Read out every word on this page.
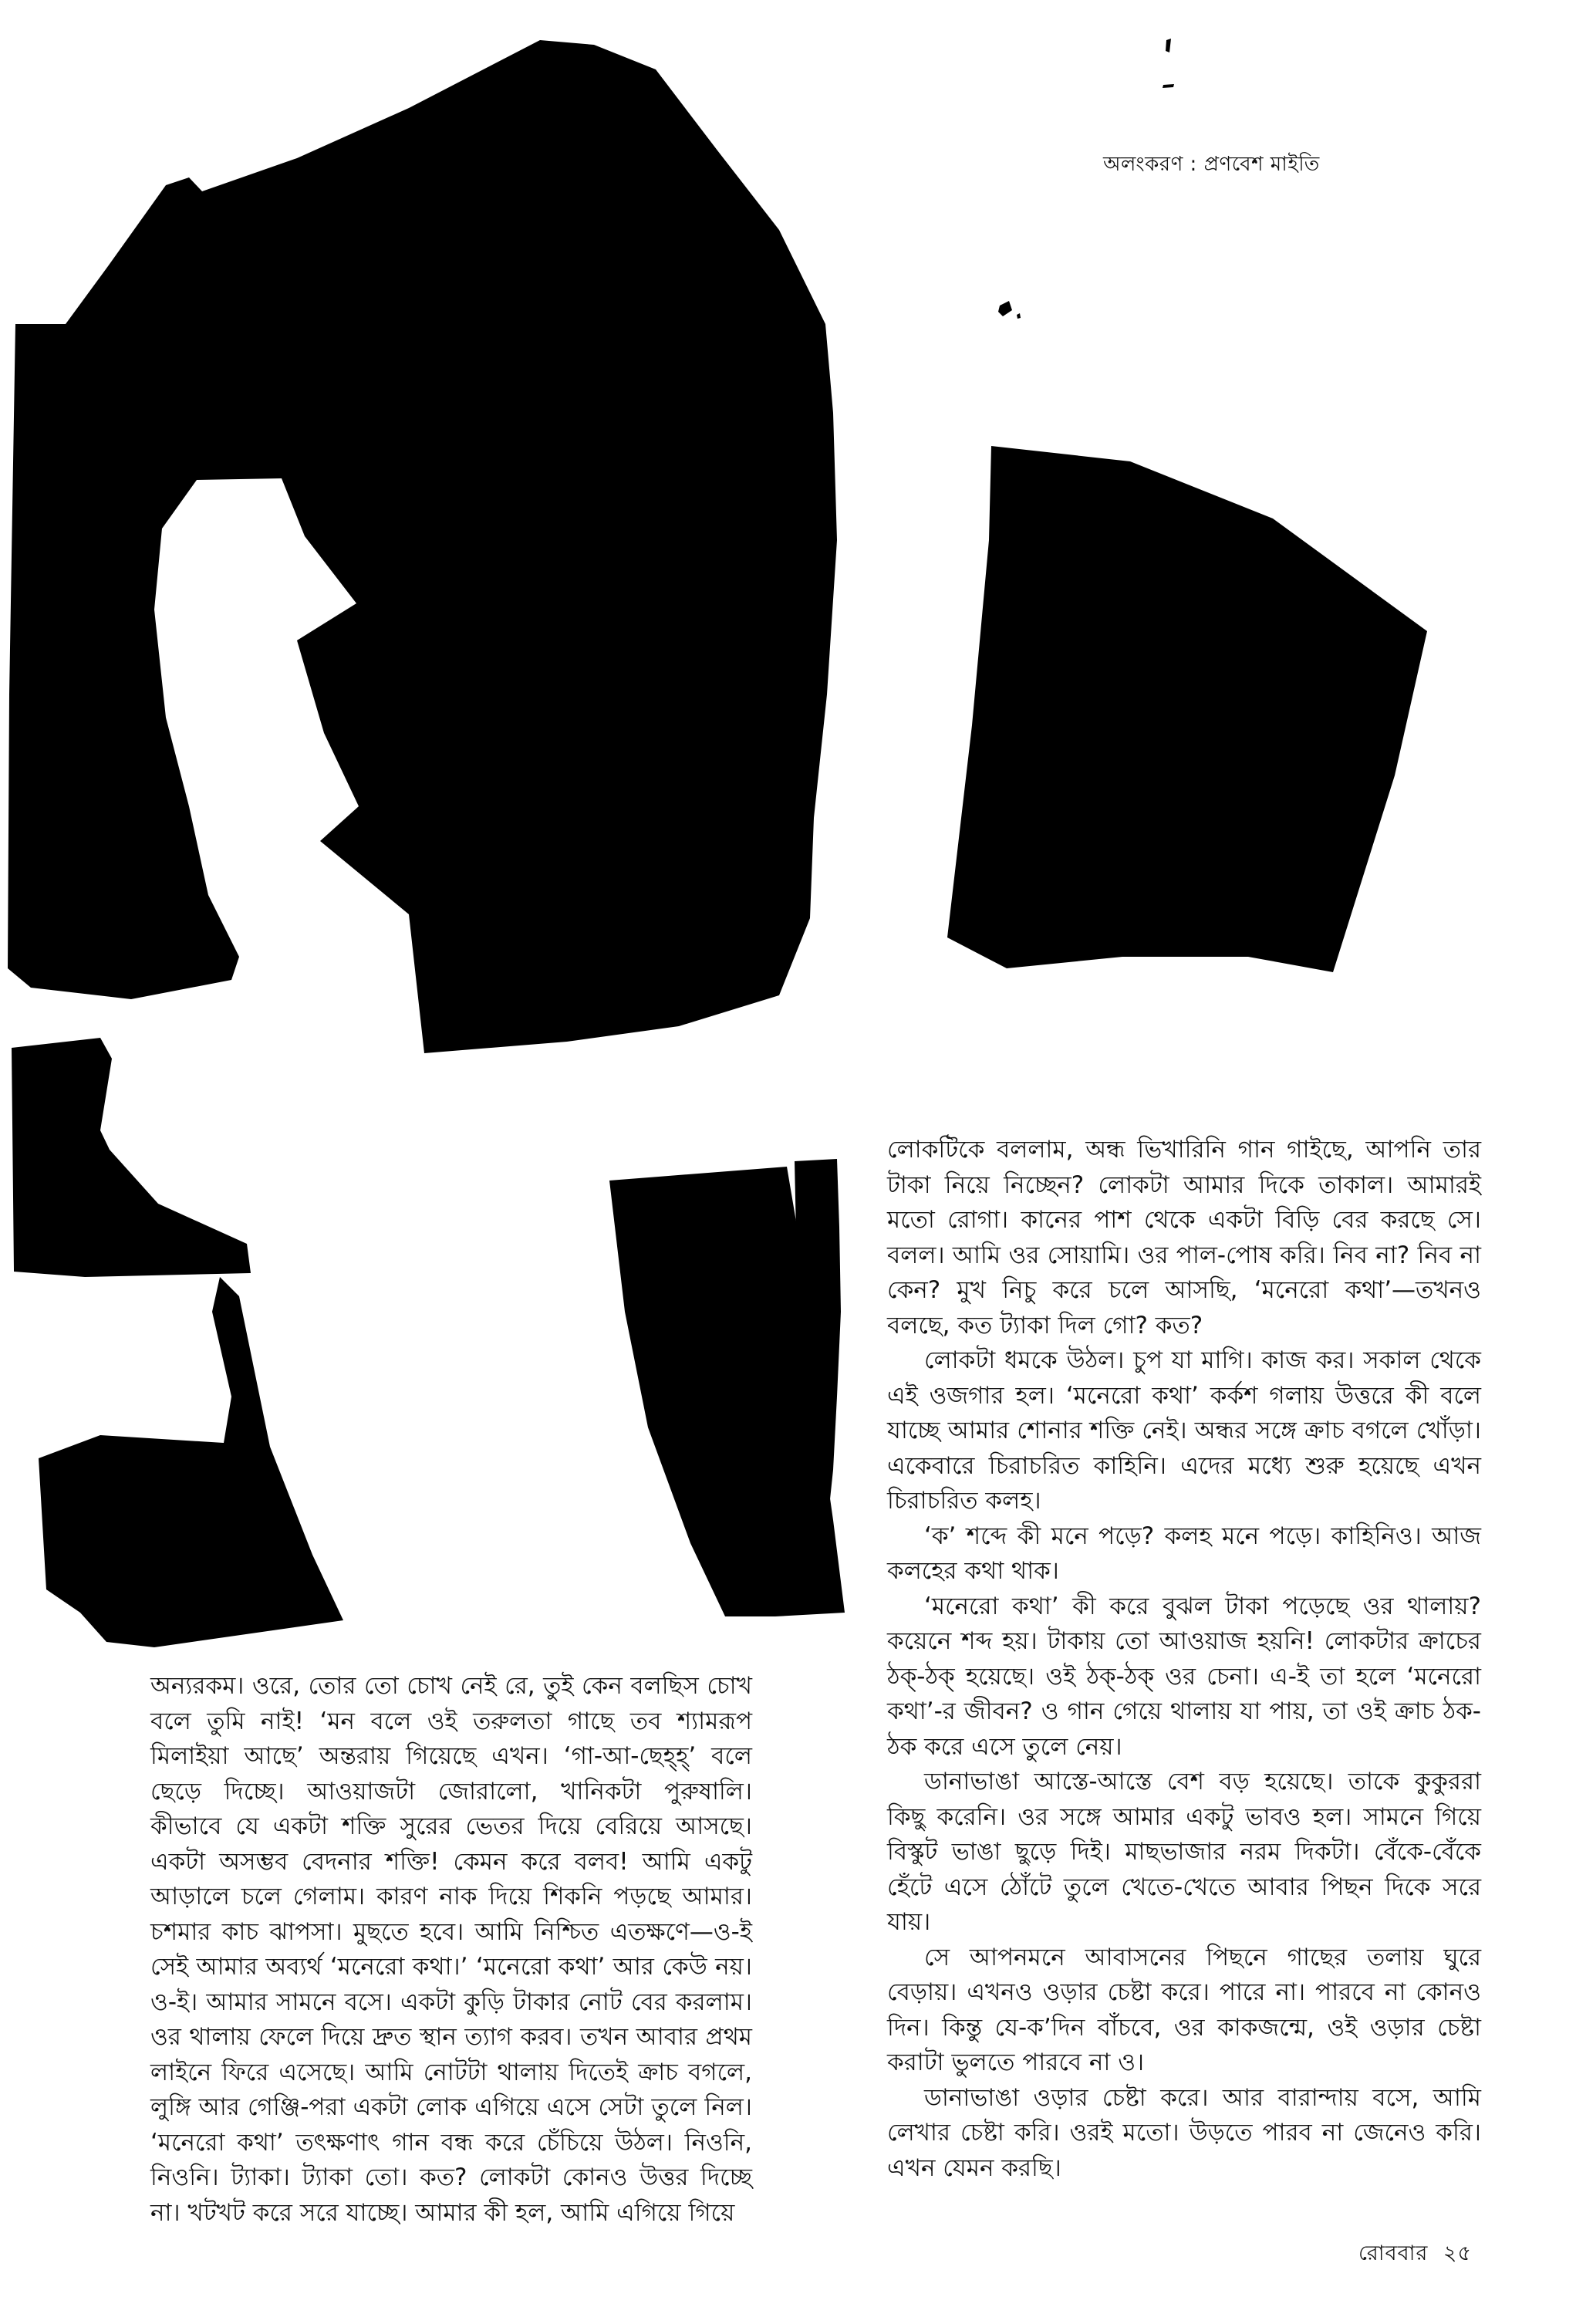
অলংকরণ : প্রণবেশ মাইতি

অন্যরকম। ওরে, তোর তো চোখ নেই রে, তুই কেন বলছিস চোখ বলে তুমি নাই! ‘মন বলে ওই তরুলতা গাছে তব শ্যামরূপ মিলাইয়া আছে’ অন্তরায় গিয়েছে এখন। ‘গা-আ-ছেহ্‌হ্’ বলে ছেড়ে দিচ্ছে। আওয়াজটা জোরালো, খানিকটা পুরুষালি। কীভাবে যে একটা শক্তি সুরের ভেতর দিয়ে বেরিয়ে আসছে। একটা অসম্ভব বেদনার শক্তি! কেমন করে বলব! আমি একটু আড়ালে চলে গেলাম। কারণ নাক দিয়ে শিকনি পড়ছে আমার। চশমার কাচ ঝাপসা। মুছতে হবে। আমি নিশ্চিত এতক্ষণে—ও-ই সেই আমার অব্যর্থ ‘মনেরো কথা।’ ‘মনেরো কথা’ আর কেউ নয়। ও-ই। আমার সামনে বসে। একটা কুড়ি টাকার নোট বের করলাম। ওর থালায় ফেলে দিয়ে দ্রুত স্থান ত্যাগ করব। তখন আবার প্রথম লাইনে ফিরে এসেছে। আমি নোটটা থালায় দিতেই ক্রাচ বগলে, লুঙ্গি আর গেঞ্জি-পরা একটা লোক এগিয়ে এসে সেটা তুলে নিল। ‘মনেরো কথা’ তৎক্ষণাৎ গান বন্ধ করে চেঁচিয়ে উঠল। নিওনি, নিওনি। ট্যাকা। ট্যাকা তো। কত? লোকটা কোনও উত্তর দিচ্ছে না। খটখট করে সরে যাচ্ছে। আমার কী হল, আমি এগিয়ে গিয়ে

লোকটিকে বললাম, অন্ধ ভিখারিনি গান গাইছে, আপনি তার টাকা নিয়ে নিচ্ছেন? লোকটা আমার দিকে তাকাল। আমারই মতো রোগা। কানের পাশ থেকে একটা বিড়ি বের করছে সে। বলল। আমি ওর সোয়ামি। ওর পাল-পোষ করি। নিব না? নিব না কেন? মুখ নিচু করে চলে আসছি, ‘মনেরো কথা’—তখনও বলছে, কত ট্যাকা দিল গো? কত?

লোকটা ধমকে উঠল। চুপ যা মাগি। কাজ কর। সকাল থেকে এই ওজগার হল। ‘মনেরো কথা’ কর্কশ গলায় উত্তরে কী বলে যাচ্ছে আমার শোনার শক্তি নেই। অন্ধর সঙ্গে ক্রাচ বগলে খোঁড়া। একেবারে চিরাচরিত কাহিনি। এদের মধ্যে শুরু হয়েছে এখন চিরাচরিত কলহ।

‘ক’ শব্দে কী মনে পড়ে? কলহ মনে পড়ে। কাহিনিও। আজ কলহের কথা থাক।

‘মনেরো কথা’ কী করে বুঝল টাকা পড়েছে ওর থালায়? কয়েনে শব্দ হয়। টাকায় তো আওয়াজ হয়নি! লোকটার ক্রাচের ঠক্-ঠক্ হয়েছে। ওই ঠক্-ঠক্ ওর চেনা। এ-ই তা হলে ‘মনেরো কথা’-র জীবন? ও গান গেয়ে থালায় যা পায়, তা ওই ক্রাচ ঠক-ঠক করে এসে তুলে নেয়।

ডানাভাঙা আস্তে-আস্তে বেশ বড় হয়েছে। তাকে কুকুররা কিছু করেনি। ওর সঙ্গে আমার একটু ভাবও হল। সামনে গিয়ে বিস্কুট ভাঙা ছুড়ে দিই। মাছভাজার নরম দিকটা। বেঁকে-বেঁকে হেঁটে এসে ঠোঁটে তুলে খেতে-খেতে আবার পিছন দিকে সরে যায়।

সে আপনমনে আবাসনের পিছনে গাছের তলায় ঘুরে বেড়ায়। এখনও ওড়ার চেষ্টা করে। পারে না। পারবে না কোনও দিন। কিন্তু যে-ক’দিন বাঁচবে, ওর কাকজন্মে, ওই ওড়ার চেষ্টা করাটা ভুলতে পারবে না ও।

ডানাভাঙা ওড়ার চেষ্টা করে। আর বারান্দায় বসে, আমি লেখার চেষ্টা করি। ওরই মতো। উড়তে পারব না জেনেও করি। এখন যেমন করছি।

রোববার ২৫
